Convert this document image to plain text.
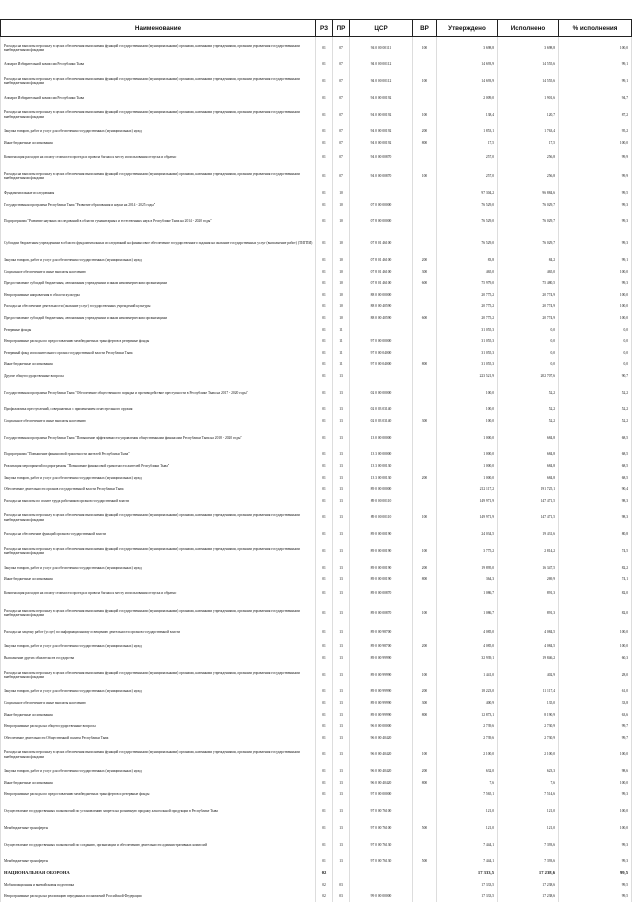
Наименование	РЗ	ПР	ЦСР	ВР	Утверждено	Исполнено	% исполнения
Расходы на выплаты персоналу в целях обеспечения выполнения функций государственными (муниципальными) органами, казенными учреждениями, органами управления государственными внебюджетными фондами	01	07	94 0 00 00111	100	3 698,8	3 698,8	100,0
Аппарат Избирательной комиссии Республики Тыва	01	07	94 0 00 00112		14 693,9	14 555,6	99,1
Расходы на выплаты персоналу в целях обеспечения выполнения функций государственными (муниципальными) органами, казенными учреждениями, органами управления государственными внебюджетными фондами	01	07	94 0 00 00112	100	14 693,9	14 555,6	99,1
Аппарат Избирательной комиссии Республики Тыва	01	07	94 0 00 00192		2 009,0	1 901,6	94,7
Расходы на выплаты персоналу в целях обеспечения выполнения функций государственными (муниципальными) органами, казенными учреждениями, органами управления государственными внебюджетными фондами	01	07	94 0 00 00192	100	138,4	120,7	87,2
Закупка товаров, работ и услуг для обеспечения государственных (муниципальных) нужд	01	07	94 0 00 00192	200	1 853,1	1 763,4	95,2
Иные бюджетные ассигнования	01	07	94 0 00 00192	800	17,5	17,5	100,0
Компенсация расходов на оплату стоимости проезда и провоза багажа к месту использования отпуска и обратно	01	07	94 0 00 00870		257,0	256,8	99,9
Расходы на выплаты персоналу в целях обеспечения выполнения функций государственными (муниципальными) органами, казенными учреждениями, органами управления государственными внебюджетными фондами	01	07	94 0 00 00870	100	257,0	256,8	99,9
Фундаментальные исследования	01	10			97 304,2	96 884,6	99,5
Государственная программа Республики Тыва "Развитие образования и науки на 2014 - 2025 годы"	01	10	07 0 00 00000		76 529,0	76 029,7	99,3
Подпрограмма "Развитие научных исследований в области гуманитарных и естественных наук в Республике Тыва на 2014 - 2020 годы"	01	10	07 8 00 00000		76 529,0	76 029,7	99,3
Субсидии бюджетным учреждениям в области фундаментальных исследований на финансовое обеспечение государственного задания на оказание государственных услуг (выполнение работ) (ТИГПИ)	01	10	07 8 01 46100		76 529,0	76 029,7	99,3
Закупка товаров, работ и услуг для обеспечения государственных (муниципальных) нужд	01	10	07 8 01 46100	200	83,8	84,2	99,1
Социальное обеспечение и иные выплаты населению	01	10	07 8 01 46100	300	465,0	465,0	100,0
Предоставление субсидий бюджетным, автономным учреждениям и иным некоммерческим организациям	01	10	07 8 01 46100	600	75 979,0	75 480,5	99,3
Непрограммные направления в области культуры	01	10	88 0 00 00000		20 775,2	20 774,9	100,0
Расходы на обеспечение деятельности (оказание услуг) государственных учреждений культуры	01	10	88 0 00 40590		20 775,2	20 774,9	100,0
Предоставление субсидий бюджетным, автономным учреждениям и иным некоммерческим организациям	01	10	88 0 00 40590	600	20 775,2	20 774,9	100,0
Резервные фонды	01	11			31 055,3	0,0	0,0
Непрограммные расходы по предоставлению межбюджетных трансфертов в резервные фонды	01	11	97 0 00 00000		31 055,3	0,0	0,0
Резервный фонд исполнительного органа государственной власти Республики Тыва	01	11	97 0 00 04000		31 055,3	0,0	0,0
Иные бюджетные ассигнования	01	11	97 0 00 04000	800	31 055,3	0,0	0,0
Другие общегосударственные вопросы	01	13			223 521,9	202 707,6	90,7
Государственная программа Республики Тыва "Обеспечение общественного порядка и противодействие преступности в Республике Тыва на 2017 - 2020 годы"	01	13	02 0 00 00000		100,0	52,2	52,2
Профилактика преступлений, совершаемых с применением огнестрельного оружия	01	13	02 0 03 03140		100,0	52,2	52,2
Социальное обеспечение и иные выплаты населению	01	13	02 0 03 03140	300	100,0	52,2	52,2
Государственная программа Республики Тыва "Повышение эффективности управления общественными финансами Республики Тыва на 2018 - 2020 годы"	01	13	13 0 00 00000		1 000,0	684,8	68,5
Подпрограмма "Повышение финансовой грамотности жителей Республики Тыва"	01	13	13 3 00 00000		1 000,0	684,8	68,5
Реализация мероприятий подпрограммы "Повышение финансовой грамотности жителей Республики Тыва"	01	13	13 3 00 00130		1 000,0	684,8	68,5
Закупка товаров, работ и услуг для обеспечения государственных (муниципальных) нужд	01	13	13 3 00 00130	200	1 000,0	684,8	68,5
Обеспечение деятельности органов государственной власти Республики Тыва	01	13	89 0 00 00000		212 117,2	191 725,1	90,4
Расходы на выплаты по оплате труда работников органов государственной власти	01	13	89 0 00 00110		149 971,9	147 471,5	98,3
Расходы на выплаты персоналу в целях обеспечения выполнения функций государственными (муниципальными) органами, казенными учреждениями, органами управления государственными внебюджетными фондами	01	13	89 0 00 00110	100	149 971,9	147 471,5	98,3
Расходы на обеспечение функций органов государственной власти	01	13	89 0 00 00190		24 034,5	19 431,6	80,8
Расходы на выплаты персоналу в целях обеспечения выполнения функций государственными (муниципальными) органами, казенными учреждениями, органами управления государственными внебюджетными фондами	01	13	89 0 00 00190	100	3 775,2	2 814,2	74,5
Закупка товаров, работ и услуг для обеспечения государственных (муниципальных) нужд	01	13	89 0 00 00190	200	19 895,0	16 347,5	82,2
Иные бюджетные ассигнования	01	13	89 0 00 00190	800	364,3	269,9	74,1
Компенсация расходов на оплату стоимости проезда и провоза багажа к месту использования отпуска и обратно	01	13	89 0 00 00870		1 086,7	891,3	82,0
Расходы на выплаты персоналу в целях обеспечения выполнения функций государственными (муниципальными) органами, казенными учреждениями, органами управления государственными внебюджетными фондами	01	13	89 0 00 00870	100	1 086,7	891,3	82,0
Расходы на закупку работ (услуг) по информационному освещению деятельности органов государственной власти	01	13	89 0 00 98700		4 085,0	4 084,5	100,0
Закупка товаров, работ и услуг для обеспечения государственных (муниципальных) нужд	01	13	89 0 00 98700	200	4 085,0	4 084,5	100,0
Выполнение других обязательств государства	01	13	89 0 00 99990		32 939,1	19 846,2	60,3
Расходы на выплаты персоналу в целях обеспечения выполнения функций государственными (муниципальными) органами, казенными учреждениями, органами управления государственными внебюджетными фондами	01	13	89 0 00 99990	100	1 441,0	402,9	28,0
Закупка товаров, работ и услуг для обеспечения государственных (муниципальных) нужд	01	13	89 0 00 99990	200	18 223,0	11 117,4	61,0
Социальное обеспечение и иные выплаты населению	01	13	89 0 00 99990	300	400,9	135,0	33,8
Иные бюджетные ассигнования	01	13	89 0 00 99990	800	12 873,1	8 190,9	63,6
Непрограммные расходы на общегосударственные вопросы	01	13	96 0 00 00000		2 739,6	2 730,9	99,7
Обеспечение деятельности Общественной палаты Республики Тыва	01	13	96 0 00 40420		2 739,6	2 730,9	99,7
Расходы на выплаты персоналу в целях обеспечения выполнения функций государственными (муниципальными) органами, казенными учреждениями, органами управления государственными внебюджетными фондами	01	13	96 0 00 40420	100	2 100,0	2 100,0	100,0
Закупка товаров, работ и услуг для обеспечения государственных (муниципальных) нужд	01	13	96 0 00 40420	200	632,0	623,3	98,6
Иные бюджетные ассигнования	01	13	96 0 00 40420	800	7,6	7,6	100,0
Непрограммные расходы по предоставлению межбюджетных трансфертов и резервные фонды	01	13	97 0 00 00000		7 565,1	7 514,6	99,3
Осуществление государственных полномочий по установлению запрета на розничную продажу алкогольной продукции в Республике Тыва	01	13	97 0 00 76100		121,0	121,0	100,0
Межбюджетные трансферты	01	13	97 0 00 76100	500	121,0	121,0	100,0
Осуществление государственных полномочий по созданию, организации и обеспечению деятельности административных комиссий	01	13	97 0 00 76130		7 444,1	7 393,6	99,3
Межбюджетные трансферты	01	13	97 0 00 76130	500	7 444,1	7 393,6	99,3
НАЦИОНАЛЬНАЯ ОБОРОНА	02				17 333,5	17 238,6	99,5
Мобилизационная и вневойсковая подготовка	02	03			17 333,5	17 238,6	99,5
Непрограммные расходы на реализацию переданных полномочий Российской Федерации	02	03	99 0 00 00000		17 333,5	17 238,6	99,5
